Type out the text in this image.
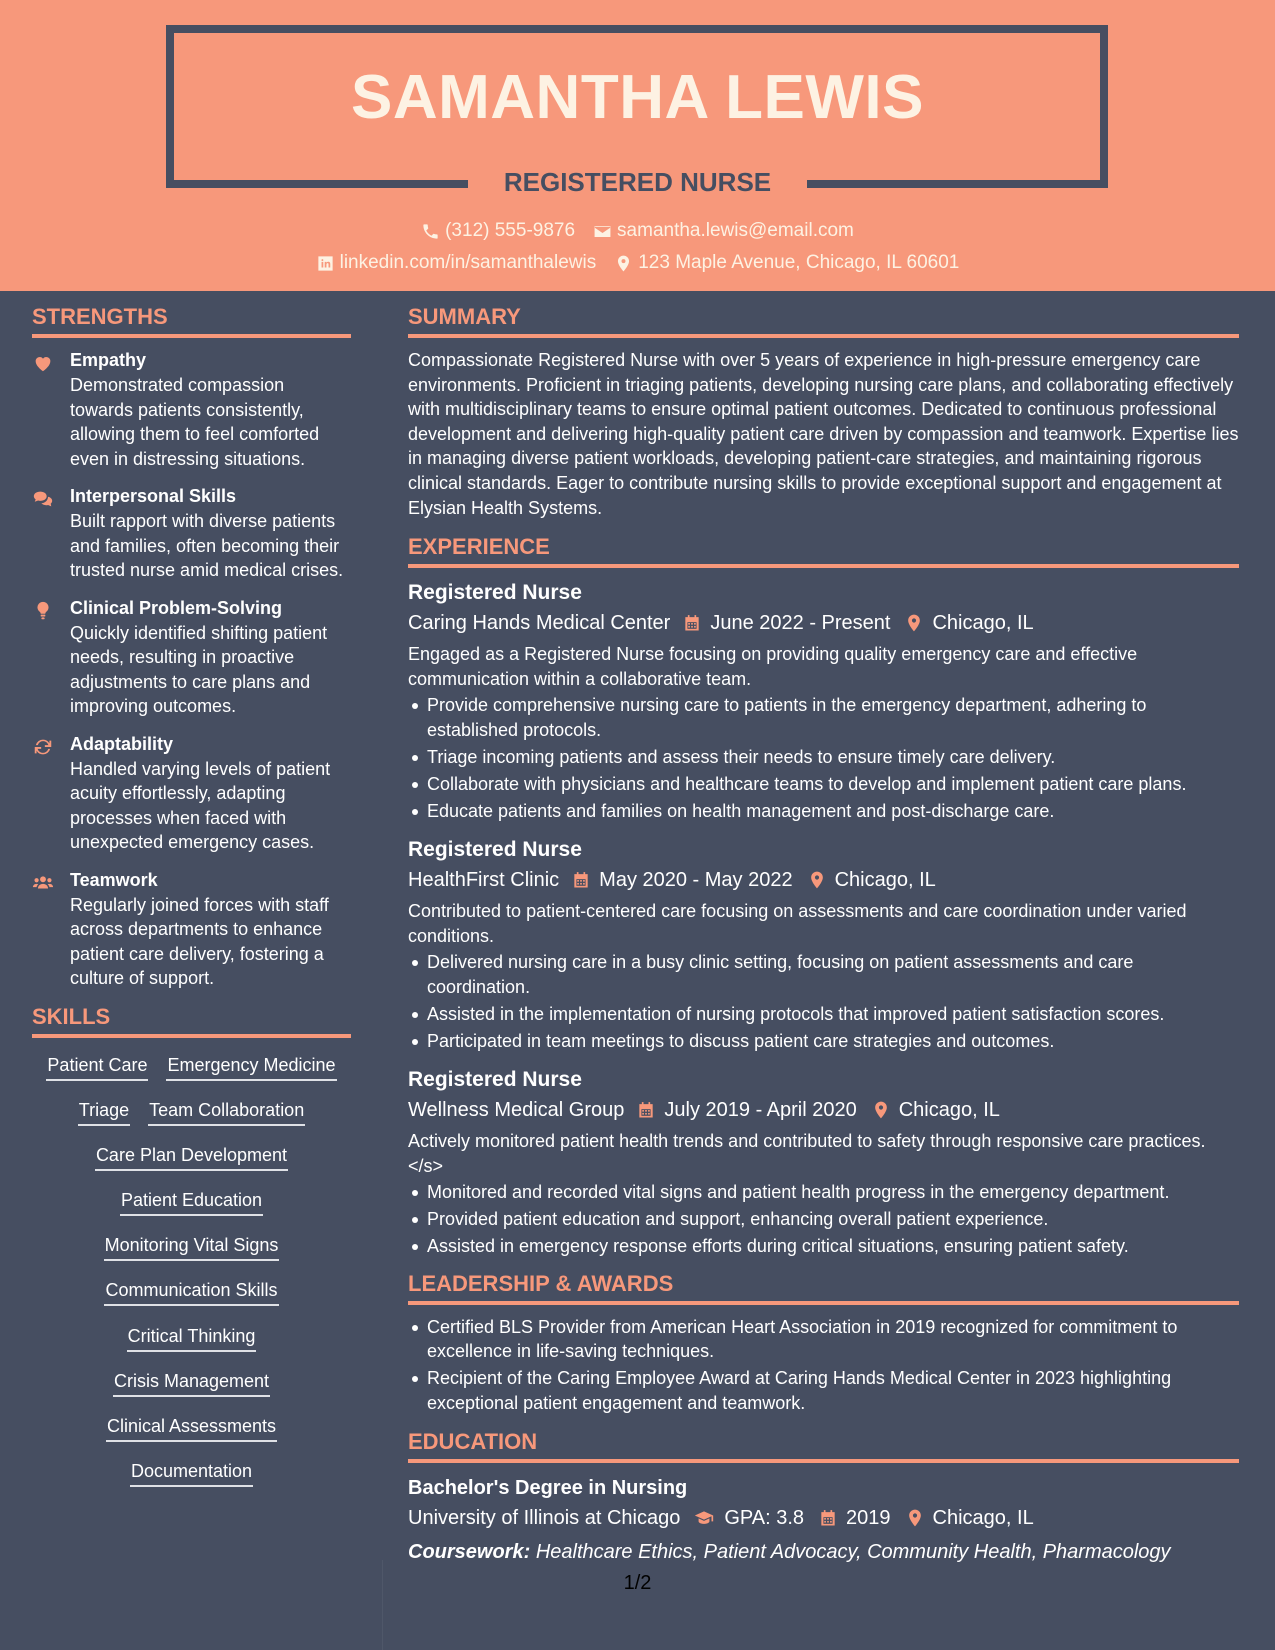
SAMANTHA LEWIS
REGISTERED NURSE
(312) 555-9876 samantha.lewis@email.com
linkedin.com/in/samanthalewis 123 Maple Avenue, Chicago, IL 60601
STRENGTHS
Empathy
Demonstrated compassion towards patients consistently, allowing them to feel comforted even in distressing situations.
Interpersonal Skills
Built rapport with diverse patients and families, often becoming their trusted nurse amid medical crises.
Clinical Problem-Solving
Quickly identified shifting patient needs, resulting in proactive adjustments to care plans and improving outcomes.
Adaptability
Handled varying levels of patient acuity effortlessly, adapting processes when faced with unexpected emergency cases.
Teamwork
Regularly joined forces with staff across departments to enhance patient care delivery, fostering a culture of support.
SKILLS
Patient Care Emergency Medicine
Triage Team Collaboration
Care Plan Development
Patient Education
Monitoring Vital Signs
Communication Skills
Critical Thinking
Crisis Management
Clinical Assessments
Documentation
SUMMARY
Compassionate Registered Nurse with over 5 years of experience in high-pressure emergency care environments. Proficient in triaging patients, developing nursing care plans, and collaborating effectively with multidisciplinary teams to ensure optimal patient outcomes. Dedicated to continuous professional development and delivering high-quality patient care driven by compassion and teamwork. Expertise lies in managing diverse patient workloads, developing patient-care strategies, and maintaining rigorous clinical standards. Eager to contribute nursing skills to provide exceptional support and engagement at Elysian Health Systems.
EXPERIENCE
Registered Nurse
Caring Hands Medical Center June 2022 - Present Chicago, IL
Engaged as a Registered Nurse focusing on providing quality emergency care and effective communication within a collaborative team.
Provide comprehensive nursing care to patients in the emergency department, adhering to established protocols.
Triage incoming patients and assess their needs to ensure timely care delivery.
Collaborate with physicians and healthcare teams to develop and implement patient care plans.
Educate patients and families on health management and post-discharge care.
Registered Nurse
HealthFirst Clinic May 2020 - May 2022 Chicago, IL
Contributed to patient-centered care focusing on assessments and care coordination under varied conditions.
Delivered nursing care in a busy clinic setting, focusing on patient assessments and care coordination.
Assisted in the implementation of nursing protocols that improved patient satisfaction scores.
Participated in team meetings to discuss patient care strategies and outcomes.
Registered Nurse
Wellness Medical Group July 2019 - April 2020 Chicago, IL
Actively monitored patient health trends and contributed to safety through responsive care practices.</s>
Monitored and recorded vital signs and patient health progress in the emergency department.
Provided patient education and support, enhancing overall patient experience.
Assisted in emergency response efforts during critical situations, ensuring patient safety.
LEADERSHIP & AWARDS
Certified BLS Provider from American Heart Association in 2019 recognized for commitment to excellence in life-saving techniques.
Recipient of the Caring Employee Award at Caring Hands Medical Center in 2023 highlighting exceptional patient engagement and teamwork.
EDUCATION
Bachelor's Degree in Nursing
University of Illinois at Chicago GPA: 3.8 2019 Chicago, IL
Coursework: Healthcare Ethics, Patient Advocacy, Community Health, Pharmacology
1/2
